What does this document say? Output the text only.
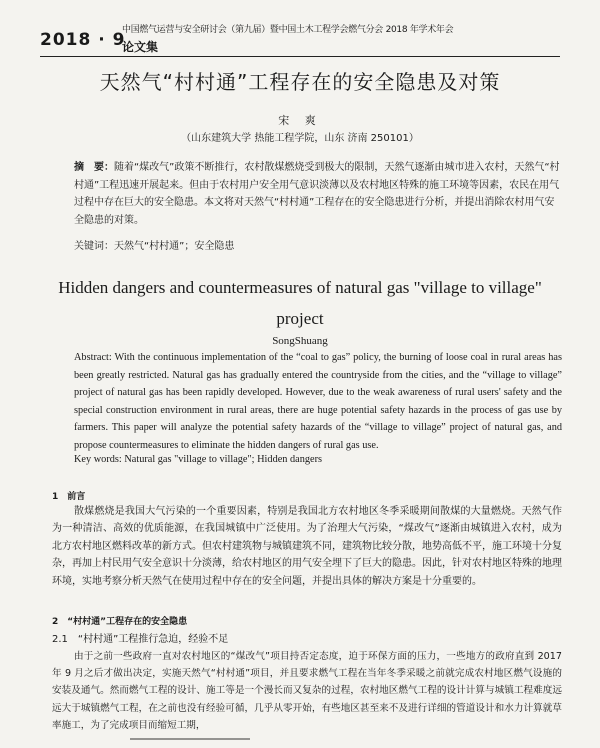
2018 · 9
中国燃气运营与安全研讨会（第九届）暨中国土木工程学会燃气分会 2018 年学术年会
论文集
天然气“村村通”工程存在的安全隐患及对策
宋 爽
（山东建筑大学 热能工程学院，山东 济南 250101）
摘　要：随着“煤改气”政策不断推行，农村散煤燃烧受到极大的限制，天然气逐渐由城市进入农村，天然气“村村通”工程迅速开展起来。但由于农村用户安全用气意识淡薄以及农村地区特殊的施工环境等因素，农民在用气过程中存在巨大的安全隐患。本文将对天然气“村村通”工程存在的安全隐患进行分析，并提出消除农村用气安全隐患的对策。
关键词：天然气“村村通”；安全隐患
Hidden dangers and countermeasures of natural gas "village to village" project
SongShuang
Abstract: With the continuous implementation of the “coal to gas” policy, the burning of loose coal in rural areas has been greatly restricted. Natural gas has gradually entered the countryside from the cities, and the “village to village” project of natural gas has been rapidly developed. However, due to the weak awareness of rural users' safety and the special construction environment in rural areas, there are huge potential safety hazards in the process of gas use by farmers. This paper will analyze the potential safety hazards of the “village to village” project of natural gas, and propose countermeasures to eliminate the hidden dangers of rural gas use.
Key words: Natural gas "village to village"; Hidden dangers
1　前言
散煤燃烧是我国大气污染的一个重要因素，特别是我国北方农村地区冬季采暖期间散煤的大量燃烧。天然气作为一种清洁、高效的优质能源，在我国城镇中广泛使用。为了治理大气污染，“煤改气”逐渐由城镇进入农村，成为北方农村地区燃料改革的新方式。但农村建筑物与城镇建筑不同，建筑物比较分散，地势高低不平，施工环境十分复杂，再加上村民用气安全意识十分淡薄，给农村地区的用气安全埋下了巨大的隐患。因此，针对农村地区特殊的地理环境，实地考察分析天然气在使用过程中存在的安全问题，并提出具体的解决方案是十分重要的。
2　“村村通”工程存在的安全隐患
2.1　“村村通”工程推行急迫，经验不足
由于之前一些政府一直对农村地区的“煤改气”项目持否定态度，迫于环保方面的压力，一些地方的政府直到 2017 年 9 月之后才做出决定，实施天然气“村村通”项目，并且要求燃气工程在当年冬季采暖之前就完成农村地区燃气设施的安装及通气。然而燃气工程的设计、施工等是一个漫长而又复杂的过程，农村地区燃气工程的设计计算与城镇工程难度远远大于城镇燃气工程，在之前也没有经验可循，几乎从零开始，有些地区甚至来不及进行详细的管道设计和水力计算就草率施工，为了完成项目而缩短工期，
